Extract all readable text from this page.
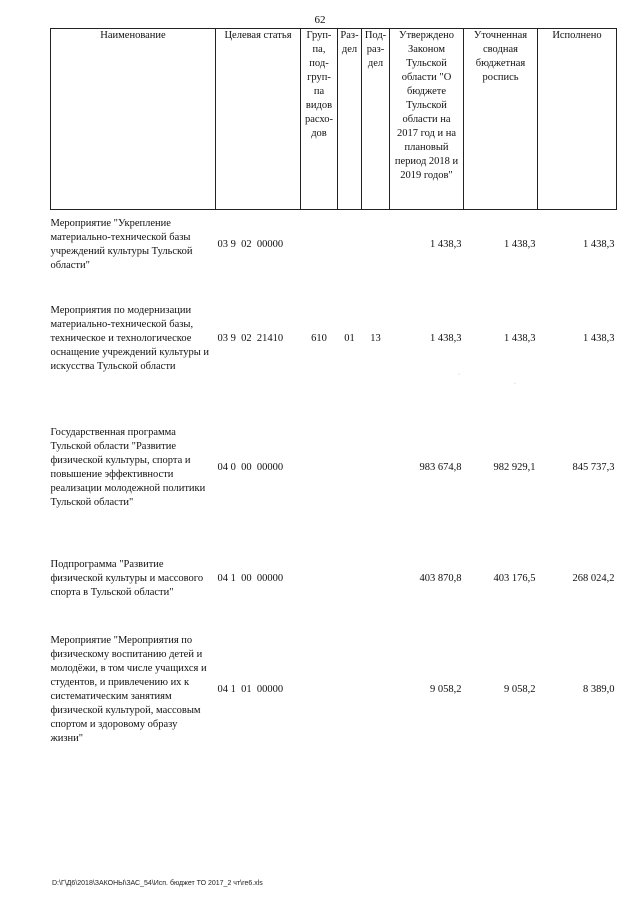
62
Наименование	Целевая статья	Груп-па, под-груп-па видов расхо-дов	Раз-дел	Под-раз-дел	Утверждено Законом Тульской области "О бюджете Тульской области на 2017 год и на плановый период 2018 и 2019 годов"	Уточненная сводная бюджетная роспись	Исполнено
Мероприятие "Укрепление материально-технической базы учреждений культуры Тульской области"	03 9  02  00000				1 438,3	1 438,3	1 438,3
Мероприятия по модернизации материально-технической базы, техническое и технологическое оснащение учреждений культуры и искусства Тульской области	03 9  02  21410	610	01	13	1 438,3	1 438,3	1 438,3
Государственная программа Тульской области "Развитие физической культуры, спорта и повышение эффективности реализации молодежной политики Тульской области"	04 0  00  00000				983 674,8	982 929,1	845 737,3
Подпрограмма "Развитие физической культуры и массового спорта в Тульской области"	04 1  00  00000				403 870,8	403 176,5	268 024,2
Мероприятие "Мероприятия по физическому воспитанию детей и молодёжи, в том числе учащихся и студентов, и привлечению их к систематическим занятиям физической культурой, массовым спортом и здоровому образу жизни"	04 1  01  00000				9 058,2	9 058,2	8 389,0
·
·
D:\Г\Д6\2018\ЗАКОНЫ\ЗАС_54\Исп. бюджет ТО 2017_2 чт\ге6.xls
